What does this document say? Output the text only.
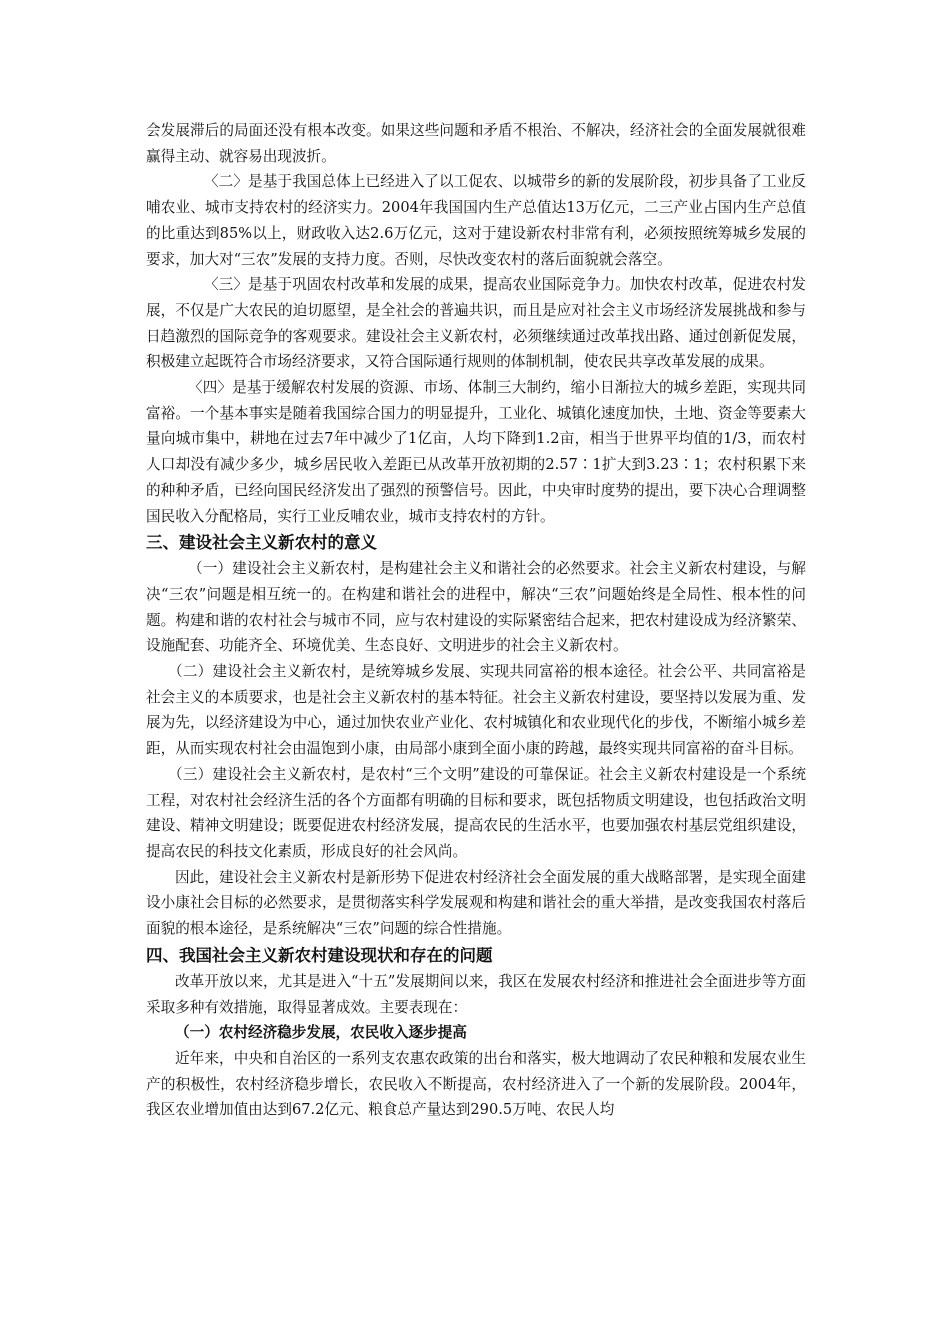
会发展滞后的局面还没有根本改变。如果这些问题和矛盾不根治、不解决，经济社会的全面发展就很难赢得主动、就容易出现波折。

〈二〉是基于我国总体上已经进入了以工促农、以城带乡的新的发展阶段，初步具备了工业反哺农业、城市支持农村的经济实力。2004年我国国内生产总值达13万亿元，二三产业占国内生产总值的比重达到85%以上，财政收入达2.6万亿元，这对于建设新农村非常有利，必须按照统筹城乡发展的要求，加大对“三农”发展的支持力度。否则，尽快改变农村的落后面貌就会落空。

〈三〉是基于巩固农村改革和发展的成果，提高农业国际竞争力。加快农村改革，促进农村发展，不仅是广大农民的迫切愿望，是全社会的普遍共识，而且是应对社会主义市场经济发展挑战和参与日趋激烈的国际竞争的客观要求。建设社会主义新农村，必须继续通过改革找出路、通过创新促发展，积极建立起既符合市场经济要求，又符合国际通行规则的体制机制，使农民共享改革发展的成果。

〈四〉是基于缓解农村发展的资源、市场、体制三大制约，缩小日渐拉大的城乡差距，实现共同富裕。一个基本事实是随着我国综合国力的明显提升，工业化、城镇化速度加快，土地、资金等要素大量向城市集中，耕地在过去7年中减少了1亿亩，人均下降到1.2亩，相当于世界平均值的1/3，而农村人口却没有减少多少，城乡居民收入差距已从改革开放初期的2.57∶1扩大到3.23∶1；农村积累下来的种种矛盾，已经向国民经济发出了强烈的预警信号。因此，中央审时度势的提出，要下决心合理调整国民收入分配格局，实行工业反哺农业，城市支持农村的方针。

三、建设社会主义新农村的意义

（一）建设社会主义新农村，是构建社会主义和谐社会的必然要求。社会主义新农村建设，与解决“三农”问题是相互统一的。在构建和谐社会的进程中，解决“三农”问题始终是全局性、根本性的问题。构建和谐的农村社会与城市不同，应与农村建设的实际紧密结合起来，把农村建设成为经济繁荣、设施配套、功能齐全、环境优美、生态良好、文明进步的社会主义新农村。

（二）建设社会主义新农村，是统筹城乡发展、实现共同富裕的根本途径。社会公平、共同富裕是社会主义的本质要求，也是社会主义新农村的基本特征。社会主义新农村建设，要坚持以发展为重、发展为先，以经济建设为中心，通过加快农业产业化、农村城镇化和农业现代化的步伐，不断缩小城乡差距，从而实现农村社会由温饱到小康，由局部小康到全面小康的跨越，最终实现共同富裕的奋斗目标。

（三）建设社会主义新农村，是农村“三个文明”建设的可靠保证。社会主义新农村建设是一个系统工程，对农村社会经济生活的各个方面都有明确的目标和要求，既包括物质文明建设，也包括政治文明建设、精神文明建设；既要促进农村经济发展，提高农民的生活水平，也要加强农村基层党组织建设，提高农民的科技文化素质，形成良好的社会风尚。

因此，建设社会主义新农村是新形势下促进农村经济社会全面发展的重大战略部署，是实现全面建设小康社会目标的必然要求，是贯彻落实科学发展观和构建和谐社会的重大举措，是改变我国农村落后面貌的根本途径，是系统解决“三农”问题的综合性措施。

四、我国社会主义新农村建设现状和存在的问题

改革开放以来，尤其是进入“十五”发展期间以来，我区在发展农村经济和推进社会全面进步等方面采取多种有效措施，取得显著成效。主要表现在：

（一）农村经济稳步发展，农民收入逐步提高

近年来，中央和自治区的一系列支农惠农政策的出台和落实，极大地调动了农民种粮和发展农业生产的积极性，农村经济稳步增长，农民收入不断提高，农村经济进入了一个新的发展阶段。2004年，我区农业增加值由达到67.2亿元、粮食总产量达到290.5万吨、农民人均
